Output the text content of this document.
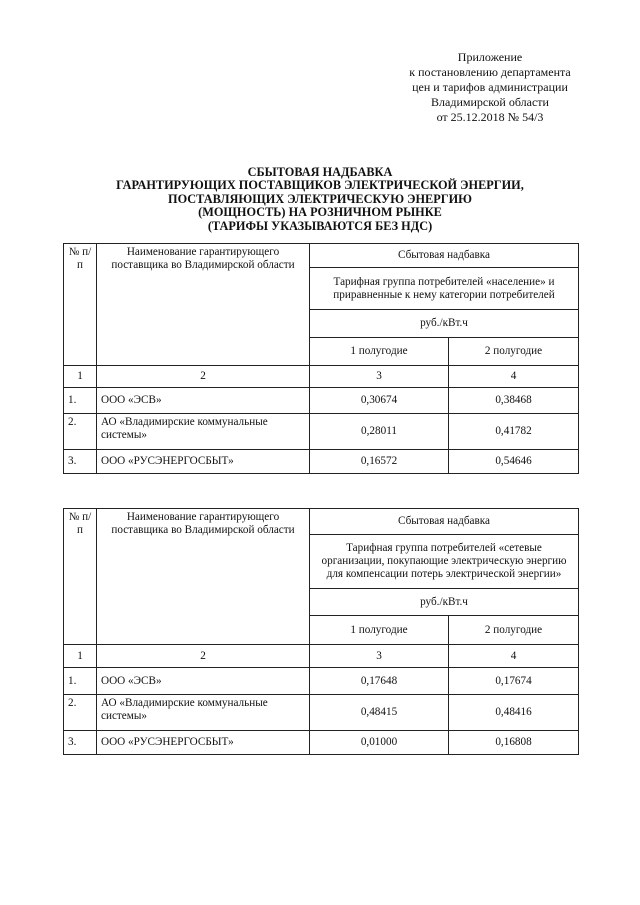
Приложение
к постановлению департамента
цен и тарифов администрации
Владимирской области
от 25.12.2018 № 54/3
СБЫТОВАЯ НАДБАВКА
ГАРАНТИРУЮЩИХ ПОСТАВЩИКОВ ЭЛЕКТРИЧЕСКОЙ ЭНЕРГИИ,
ПОСТАВЛЯЮЩИХ ЭЛЕКТРИЧЕСКУЮ ЭНЕРГИЮ
(МОЩНОСТЬ) НА РОЗНИЧНОМ РЫНКЕ
(ТАРИФЫ УКАЗЫВАЮТСЯ БЕЗ НДС)
№ п/п	Наименование гарантирующего поставщика во Владимирской области	Сбытовая надбавка	
		Тарифная группа потребителей «население» и приравненные к нему категории потребителей	
		руб./кВт.ч	
		1 полугодие	2 полугодие
1	2	3	4
1.	ООО «ЭСВ»	0,30674	0,38468
2.	АО «Владимирские коммунальные системы»	0,28011	0,41782
3.	ООО «РУСЭНЕРГОСБЫТ»	0,16572	0,54646
№ п/п	Наименование гарантирующего поставщика во Владимирской области	Сбытовая надбавка	
		Тарифная группа потребителей «сетевые организации, покупающие электрическую энергию для компенсации потерь электрической энергии»	
		руб./кВт.ч	
		1 полугодие	2 полугодие
1	2	3	4
1.	ООО «ЭСВ»	0,17648	0,17674
2.	АО «Владимирские коммунальные системы»	0,48415	0,48416
3.	ООО «РУСЭНЕРГОСБЫТ»	0,01000	0,16808
